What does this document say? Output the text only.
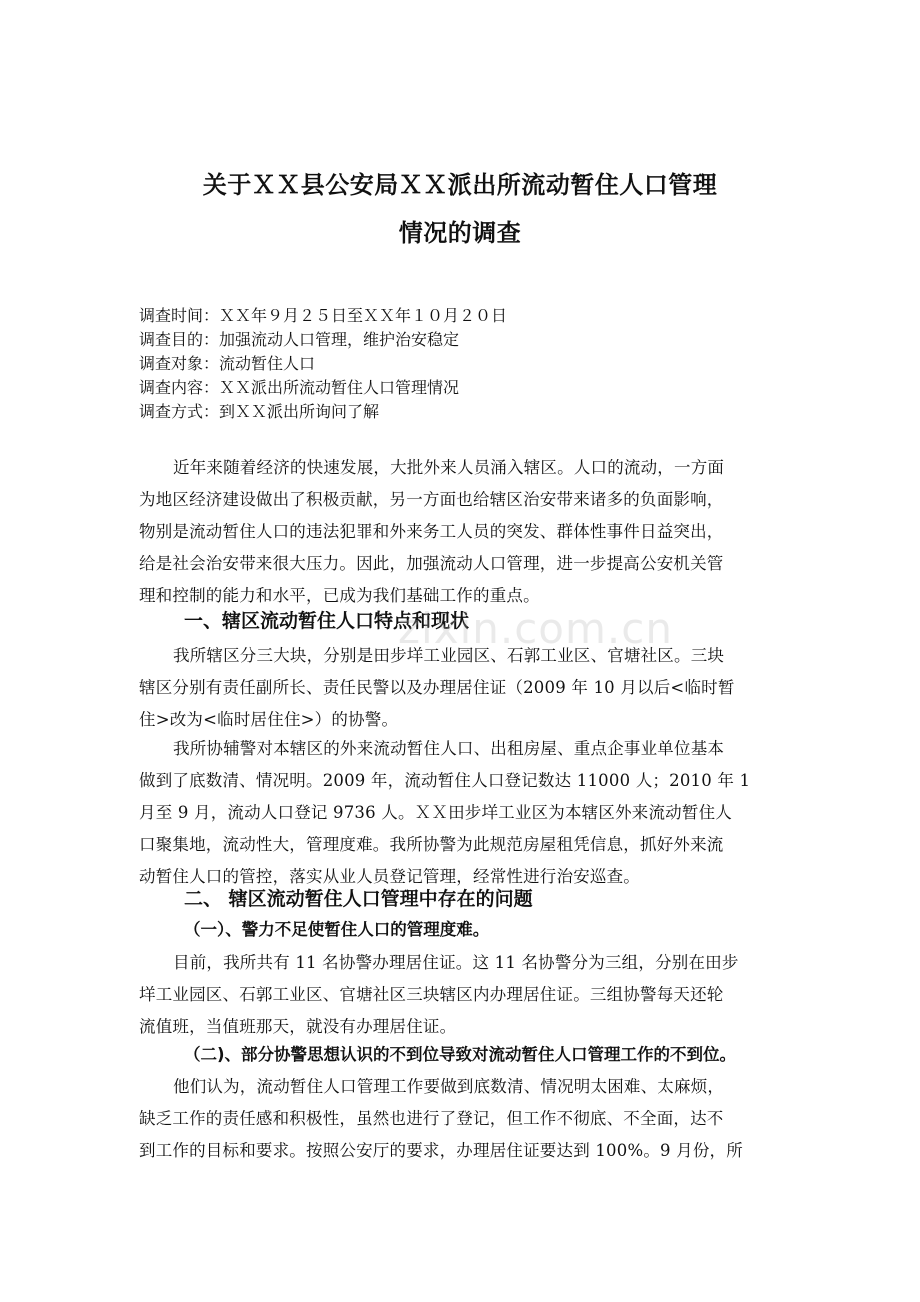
关于ＸＸ县公安局ＸＸ派出所流动暂住人口管理
情况的调查
调查时间：ＸＸ年９月２５日至ＸＸ年１０月２０日
调查目的：加强流动人口管理，维护治安稳定
调查对象：流动暂住人口
调查内容：ＸＸ派出所流动暂住人口管理情况
调查方式：到ＸＸ派出所询问了解
近年来随着经济的快速发展，大批外来人员涌入辖区。人口的流动，一方面
为地区经济建设做出了积极贡献，另一方面也给辖区治安带来诸多的负面影响，
物别是流动暂住人口的违法犯罪和外来务工人员的突发、群体性事件日益突出，
给是社会治安带来很大压力。因此，加强流动人口管理，进一步提高公安机关管
理和控制的能力和水平，已成为我们基础工作的重点。
一、辖区流动暂住人口特点和现状
我所辖区分三大块，分别是田步垟工业园区、石郭工业区、官塘社区。三块
辖区分别有责任副所长、责任民警以及办理居住证（2009 年 10 月以后<临时暂
住>改为<临时居住住>）的协警。
我所协辅警对本辖区的外来流动暂住人口、出租房屋、重点企事业单位基本
做到了底数清、情况明。2009 年，流动暂住人口登记数达 11000 人；2010 年 1
月至 9 月，流动人口登记 9736 人。ＸＸ田步垟工业区为本辖区外来流动暂住人
口聚集地，流动性大，管理度难。我所协警为此规范房屋租凭信息，抓好外来流
动暂住人口的管控，落实从业人员登记管理，经常性进行治安巡查。
二、 辖区流动暂住人口管理中存在的问题
（一）、警力不足使暂住人口的管理度难。
目前，我所共有 11 名协警办理居住证。这 11 名协警分为三组，分别在田步
垟工业园区、石郭工业区、官塘社区三块辖区内办理居住证。三组协警每天还轮
流值班，当值班那天，就没有办理居住证。
（二)、部分协警思想认识的不到位导致对流动暂住人口管理工作的不到位。
他们认为，流动暂住人口管理工作要做到底数清、情况明太困难、太麻烦，
缺乏工作的责任感和积极性，虽然也进行了登记，但工作不彻底、不全面，达不
到工作的目标和要求。按照公安厅的要求，办理居住证要达到 100%。9 月份，所
zixin.com.cn
